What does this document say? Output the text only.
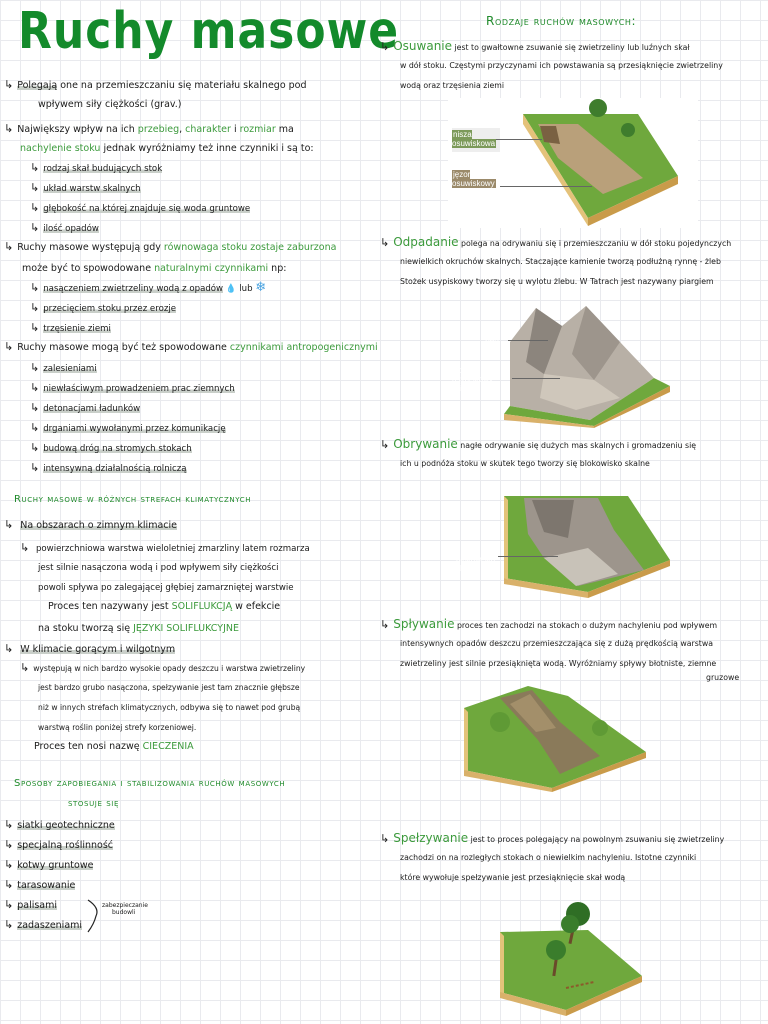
Ruchy masowe
↳ Polegają one na przemieszczaniu się materiału skalnego pod
wpływem siły ciężkości (grav.)
↳ Największy wpływ na ich przebieg, charakter i rozmiar ma
nachylenie stoku jednak wyróżniamy też inne czynniki i są to:
↳ rodzaj skał budujących stok
↳ układ warstw skalnych
↳ głębokość na której znajduje się woda gruntowe
↳ ilość opadów
↳ Ruchy masowe występują gdy równowaga stoku zostaje zaburzona
może być to spowodowane naturalnymi czynnikami np:
↳ nasączeniem zwietrzeliny wodą z opadów 💧 lub ❄
↳ przecięciem stoku przez erozje
↳ trzęsienie ziemi
↳ Ruchy masowe mogą być też spowodowane czynnikami antropogenicznymi
↳ zalesieniami
↳ niewłaściwym prowadzeniem prac ziemnych
↳ detonacjami ładunków
↳ drganiami wywołanymi przez komunikację
↳ budową dróg na stromych stokach
↳ intensywną działalnością rolniczą
Ruchy masowe w różnych strefach klimatycznych
↳ Na obszarach o zimnym klimacie
↳ powierzchniowa warstwa wieloletniej zmarzliny latem rozmarza
jest silnie nasączona wodą i pod wpływem siły ciężkości
powoli spływa po zalegającej głębiej zamarzniętej warstwie
Proces ten nazywany jest SOLIFLUKCJĄ w efekcie
na stoku tworzą się JĘZYKI SOLIFLUKCYJNE
↳ W klimacie gorącym i wilgotnym
↳ występują w nich bardzo wysokie opady deszczu i warstwa zwietrzeliny
jest bardzo grubo nasączona, spełzywanie jest tam znacznie głębsze
niż w innych strefach klimatycznych, odbywa się to nawet pod grubą
warstwą roślin poniżej strefy korzeniowej.
Proces ten nosi nazwę CIECZENIA
Sposoby zapobiegania i stabilizowania ruchów masowych
stosuje się
↳ siatki geotechniczne
↳ specjalną roślinność
↳ kotwy gruntowe
↳ tarasowanie
↳ palisami
↳ zadaszeniami
zabezpieczanie
budowli
Rodzaje ruchów masowych:
↳ Osuwanie jest to gwałtowne zsuwanie się zwietrzeliny lub luźnych skał
w dół stoku. Częstymi przyczynami ich powstawania są przesiąknięcie zwietrzeliny
wodą oraz trzęsienia ziemi
↳ Odpadanie polega na odrywaniu się i przemieszczaniu w dół stoku pojedynczych
niewielkich okruchów skalnych. Staczające kamienie tworzą podłużną rynnę - żleb
Stożek usypiskowy tworzy się u wylotu żlebu. W Tatrach jest nazywany piargiem
↳ Obrywanie nagłe odrywanie się dużych mas skalnych i gromadzeniu się
ich u podnóża stoku w skutek tego tworzy się blokowisko skalne
↳ Spływanie proces ten zachodzi na stokach o dużym nachyleniu pod wpływem
intensywnych opadów deszczu przemieszczająca się z dużą prędkością warstwa
zwietrzeliny jest silnie przesiąknięta wodą. Wyróżniamy spływy błotniste, ziemne
gruzowe
↳ Spełzywanie jest to proces polegający na powolnym zsuwaniu się zwietrzeliny
zachodzi on na rozległych stokach o niewielkim nachyleniu. Istotne czynniki
które wywołuje spełzywanie jest przesiąknięcie skał wodą
nisza osuwiskowa
jęzor osuwiskowy
żleb
stożek usypiskowy (piarg)
blokowisko skalne
